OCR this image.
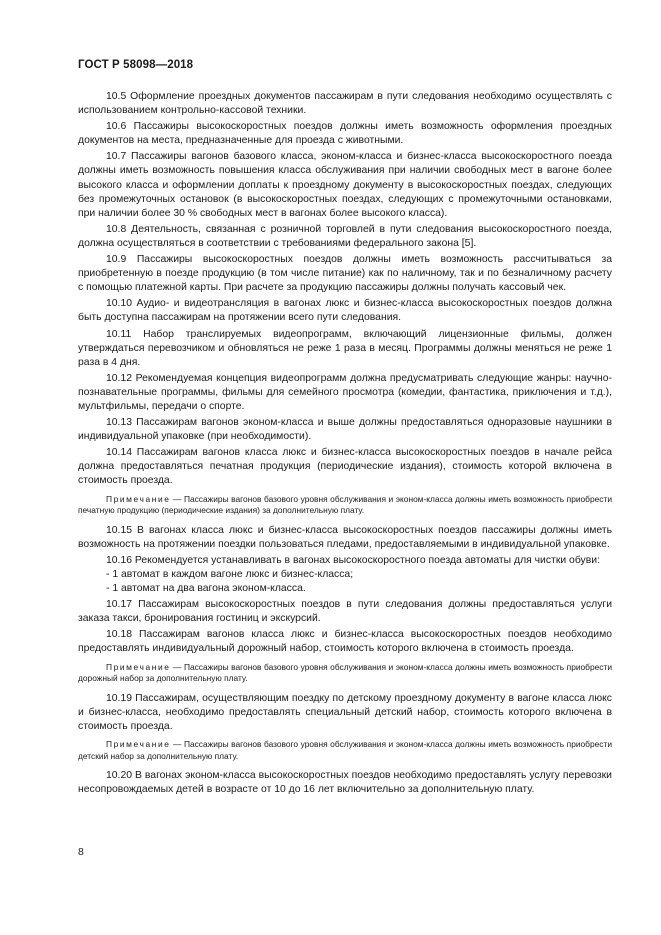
ГОСТ Р 58098—2018

10.5 Оформление проездных документов пассажирам в пути следования необходимо осуществлять с использованием контрольно-кассовой техники.

10.6 Пассажиры высокоскоростных поездов должны иметь возможность оформления проездных документов на места, предназначенные для проезда с животными.

10.7 Пассажиры вагонов базового класса, эконом-класса и бизнес-класса высокоскоростного поезда должны иметь возможность повышения класса обслуживания при наличии свободных мест в вагоне более высокого класса и оформлении доплаты к проездному документу в высокоскоростных поездах, следующих без промежуточных остановок (в высокоскоростных поездах, следующих с промежуточными остановками, при наличии более 30 % свободных мест в вагонах более высокого класса).

10.8 Деятельность, связанная с розничной торговлей в пути следования высокоскоростного поезда, должна осуществляться в соответствии с требованиями федерального закона [5].

10.9 Пассажиры высокоскоростных поездов должны иметь возможность рассчитываться за приобретенную в поезде продукцию (в том числе питание) как по наличному, так и по безналичному расчету с помощью платежной карты. При расчете за продукцию пассажиры должны получать кассовый чек.

10.10 Аудио- и видеотрансляция в вагонах люкс и бизнес-класса высокоскоростных поездов должна быть доступна пассажирам на протяжении всего пути следования.

10.11 Набор транслируемых видеопрограмм, включающий лицензионные фильмы, должен утверждаться перевозчиком и обновляться не реже 1 раза в месяц. Программы должны меняться не реже 1 раза в 4 дня.

10.12 Рекомендуемая концепция видеопрограмм должна предусматривать следующие жанры: научно-познавательные программы, фильмы для семейного просмотра (комедии, фантастика, приключения и т.д.), мультфильмы, передачи о спорте.

10.13 Пассажирам вагонов эконом-класса и выше должны предоставляться одноразовые наушники в индивидуальной упаковке (при необходимости).

10.14 Пассажирам вагонов класса люкс и бизнес-класса высокоскоростных поездов в начале рейса должна предоставляться печатная продукция (периодические издания), стоимость которой включена в стоимость проезда.

Примечание — Пассажиры вагонов базового уровня обслуживания и эконом-класса должны иметь возможность приобрести печатную продукцию (периодические издания) за дополнительную плату.

10.15 В вагонах класса люкс и бизнес-класса высокоскоростных поездов пассажиры должны иметь возможность на протяжении поездки пользоваться пледами, предоставляемыми в индивидуальной упаковке.

10.16 Рекомендуется устанавливать в вагонах высокоскоростного поезда автоматы для чистки обуви:

- 1 автомат в каждом вагоне люкс и бизнес-класса;

- 1 автомат на два вагона эконом-класса.

10.17 Пассажирам высокоскоростных поездов в пути следования должны предоставляться услуги заказа такси, бронирования гостиниц и экскурсий.

10.18 Пассажирам вагонов класса люкс и бизнес-класса высокоскоростных поездов необходимо предоставлять индивидуальный дорожный набор, стоимость которого включена в стоимость проезда.

Примечание — Пассажиры вагонов базового уровня обслуживания и эконом-класса должны иметь возможность приобрести дорожный набор за дополнительную плату.

10.19 Пассажирам, осуществляющим поездку по детскому проездному документу в вагоне класса люкс и бизнес-класса, необходимо предоставлять специальный детский набор, стоимость которого включена в стоимость проезда.

Примечание — Пассажиры вагонов базового уровня обслуживания и эконом-класса должны иметь возможность приобрести детский набор за дополнительную плату.

10.20 В вагонах эконом-класса высокоскоростных поездов необходимо предоставлять услугу перевозки несопровождаемых детей в возрасте от 10 до 16 лет включительно за дополнительную плату.

8
